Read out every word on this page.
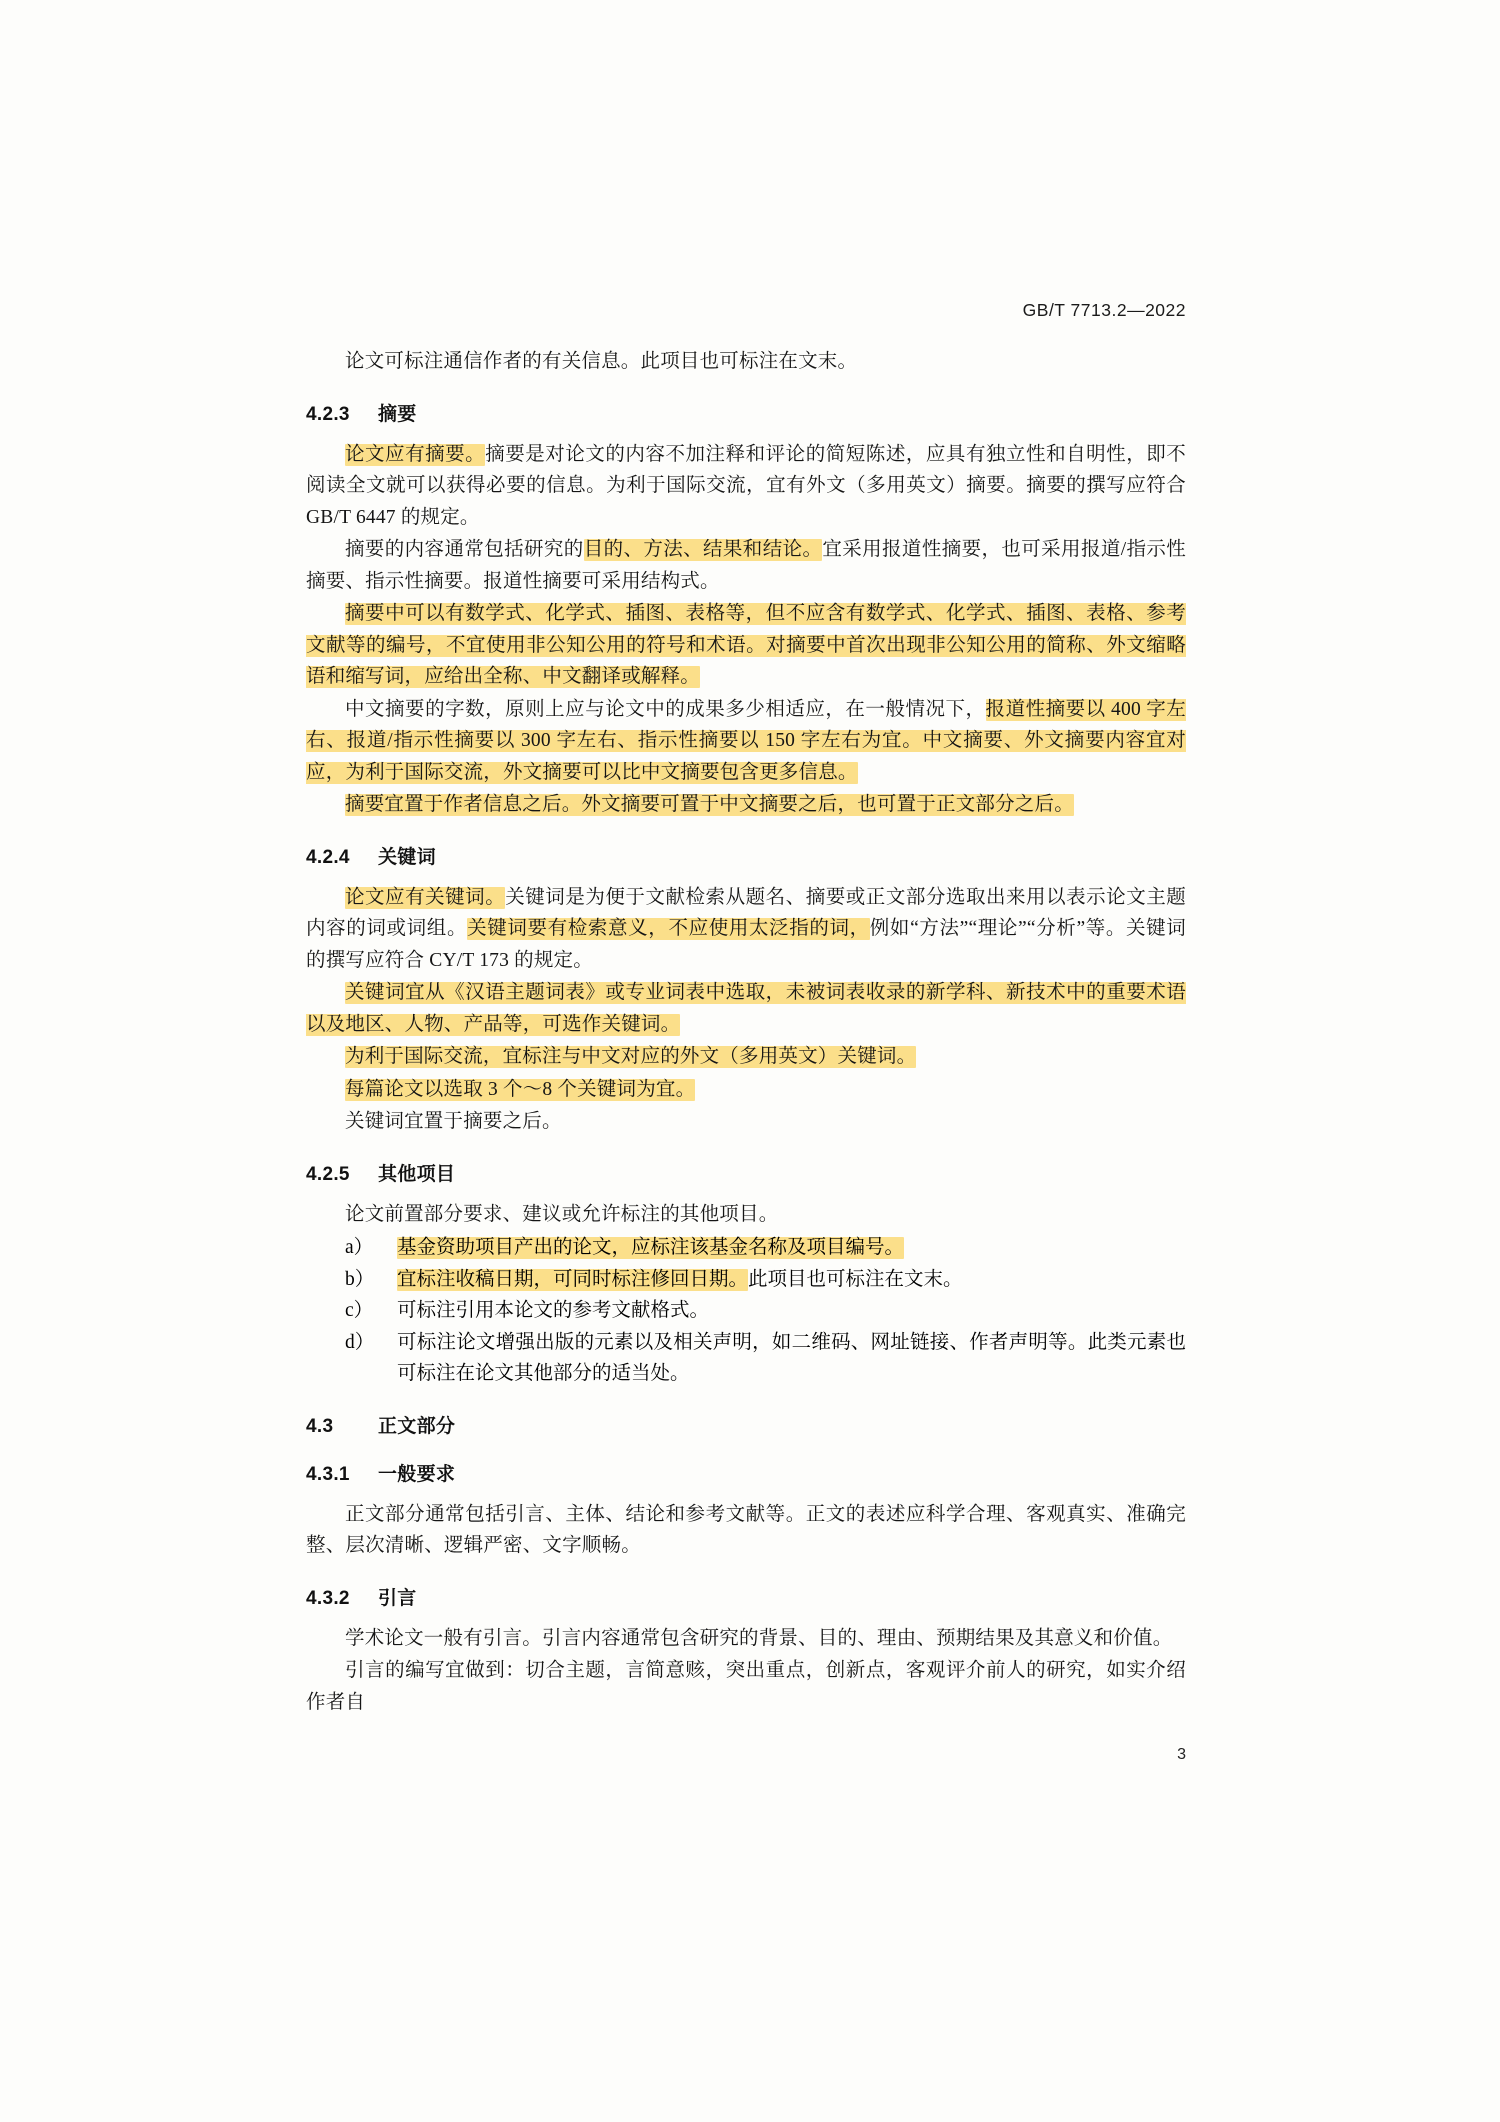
GB/T 7713.2—2022

论文可标注通信作者的有关信息。此项目也可标注在文末。

4.2.3 摘要

论文应有摘要。摘要是对论文的内容不加注释和评论的简短陈述，应具有独立性和自明性，即不阅读全文就可以获得必要的信息。为利于国际交流，宜有外文（多用英文）摘要。摘要的撰写应符合 GB/T 6447 的规定。

摘要的内容通常包括研究的目的、方法、结果和结论。宜采用报道性摘要，也可采用报道/指示性摘要、指示性摘要。报道性摘要可采用结构式。

摘要中可以有数学式、化学式、插图、表格等，但不应含有数学式、化学式、插图、表格、参考文献等的编号，不宜使用非公知公用的符号和术语。对摘要中首次出现非公知公用的简称、外文缩略语和缩写词，应给出全称、中文翻译或解释。

中文摘要的字数，原则上应与论文中的成果多少相适应，在一般情况下，报道性摘要以 400 字左右、报道/指示性摘要以 300 字左右、指示性摘要以 150 字左右为宜。中文摘要、外文摘要内容宜对应，为利于国际交流，外文摘要可以比中文摘要包含更多信息。

摘要宜置于作者信息之后。外文摘要可置于中文摘要之后，也可置于正文部分之后。

4.2.4 关键词

论文应有关键词。关键词是为便于文献检索从题名、摘要或正文部分选取出来用以表示论文主题内容的词或词组。关键词要有检索意义，不应使用太泛指的词，例如“方法”“理论”“分析”等。关键词的撰写应符合 CY/T 173 的规定。

关键词宜从《汉语主题词表》或专业词表中选取，未被词表收录的新学科、新技术中的重要术语以及地区、人物、产品等，可选作关键词。

为利于国际交流，宜标注与中文对应的外文（多用英文）关键词。

每篇论文以选取 3 个～8 个关键词为宜。

关键词宜置于摘要之后。

4.2.5 其他项目

论文前置部分要求、建议或允许标注的其他项目。

a）	基金资助项目产出的论文，应标注该基金名称及项目编号。
b）	宜标注收稿日期，可同时标注修回日期。此项目也可标注在文末。
c）	可标注引用本论文的参考文献格式。
d）	可标注论文增强出版的元素以及相关声明，如二维码、网址链接、作者声明等。此类元素也可标注在论文其他部分的适当处。

4.3 正文部分

4.3.1 一般要求

正文部分通常包括引言、主体、结论和参考文献等。正文的表述应科学合理、客观真实、准确完整、层次清晰、逻辑严密、文字顺畅。

4.3.2 引言

学术论文一般有引言。引言内容通常包含研究的背景、目的、理由、预期结果及其意义和价值。

引言的编写宜做到：切合主题，言简意赅，突出重点，创新点，客观评介前人的研究，如实介绍作者自

3
